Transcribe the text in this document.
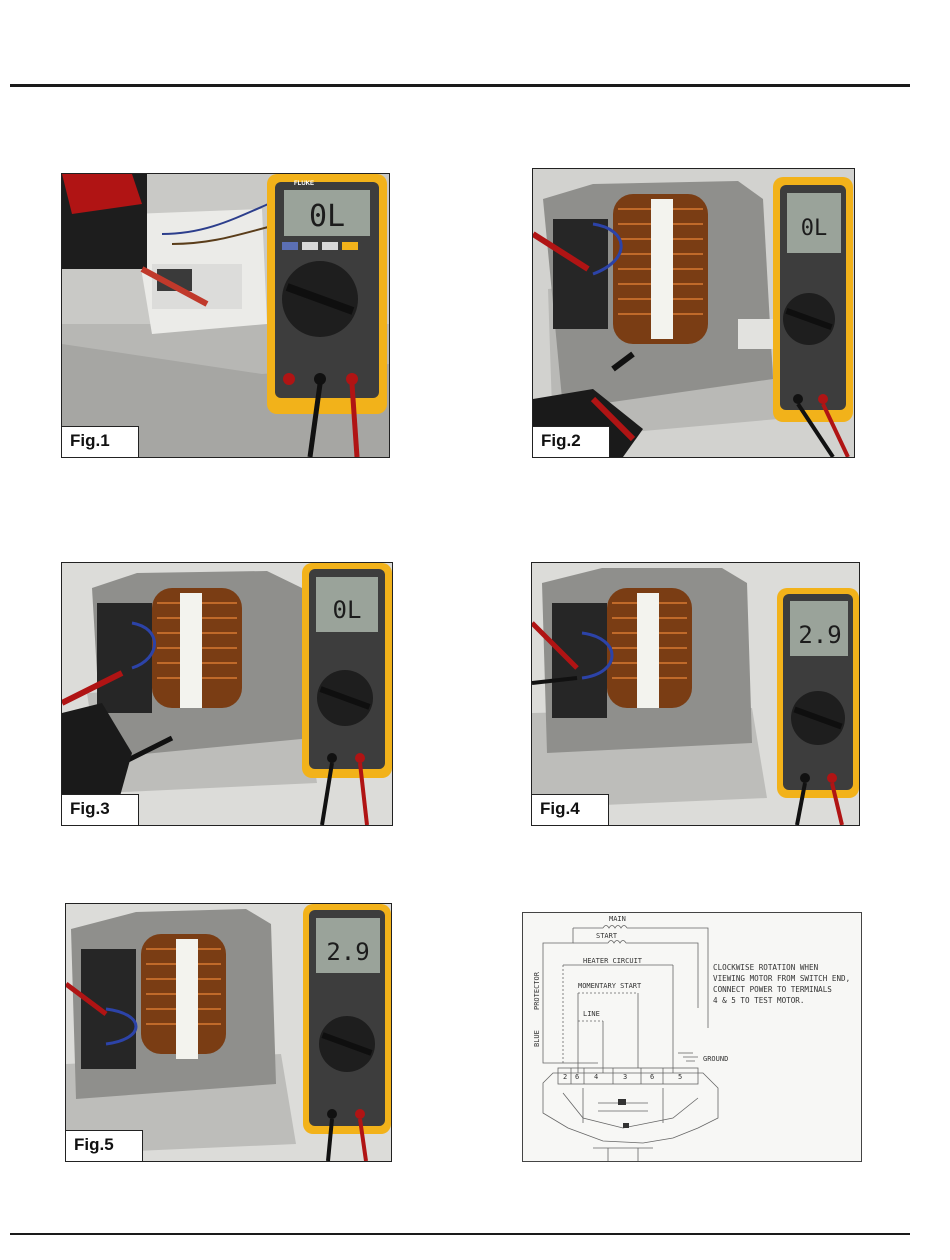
0L
FLUKE
Fig.1
0L
Fig.2
0L
Fig.3
2.9
Fig.4
2.9
Fig.5
MAIN
START
HEATER CIRCUIT
MOMENTARY START
LINE
PROTECTOR
BLUE
GROUND
2 6 4	3	6	5
CLOCKWISE ROTATION WHEN
VIEWING MOTOR FROM SWITCH END,
CONNECT POWER TO TERMINALS
4 & 5 TO TEST MOTOR.
